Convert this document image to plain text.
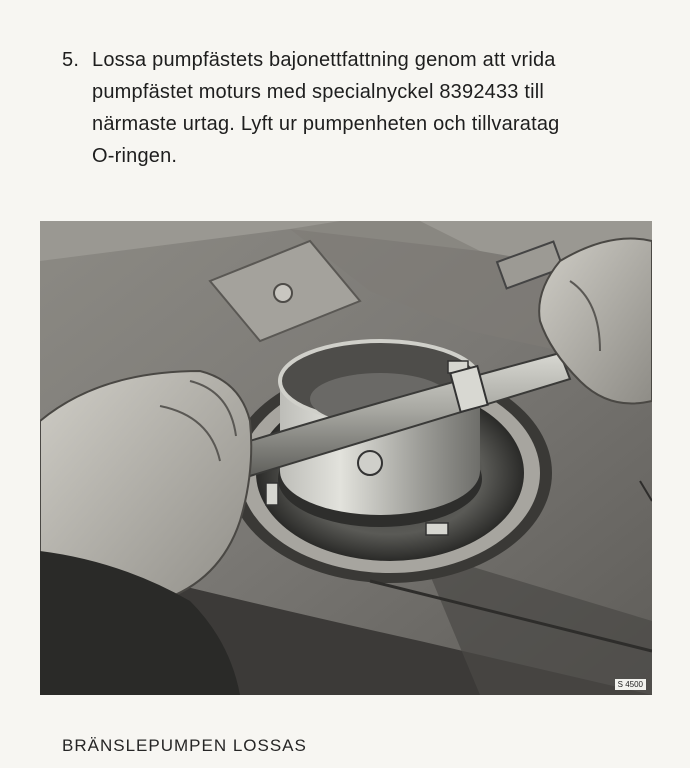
5. Lossa pumpfästets bajonettfattning genom att vrida
pumpfästet moturs med specialnyckel 8392433 till
närmaste urtag. Lyft ur pumpenheten och tillvaratag
O-ringen.
S 4500
BRÄNSLEPUMPEN LOSSAS
